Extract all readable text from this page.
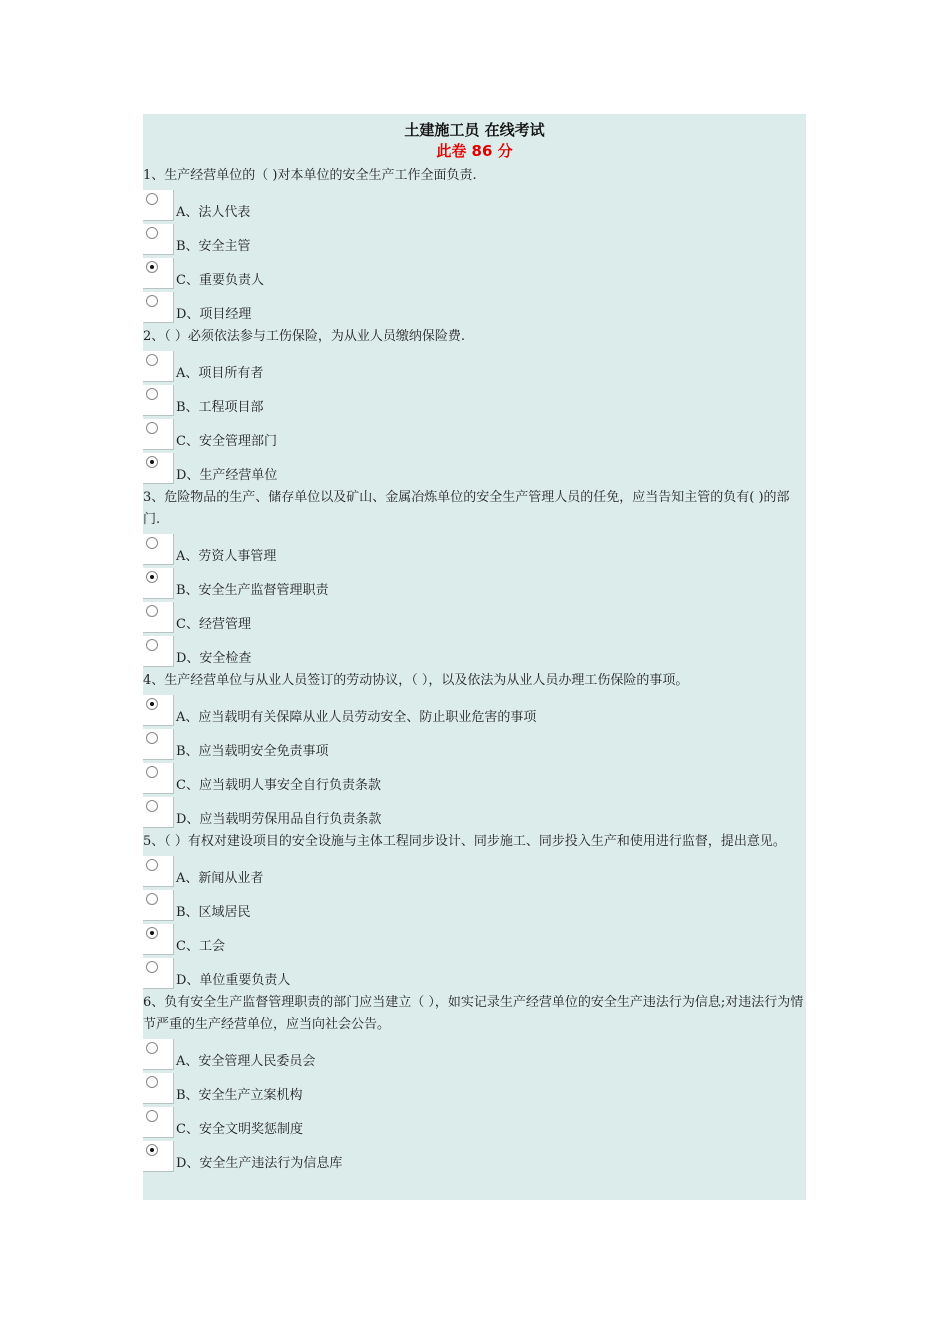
土建施工员 在线考试
此卷 86 分
1、生产经营单位的（ )对本单位的安全生产工作全面负责.
A、法人代表
B、安全主管
C、重要负责人
D、项目经理
2、（ ）必须依法参与工伤保险，为从业人员缴纳保险费.
A、项目所有者
B、工程项目部
C、安全管理部门
D、生产经营单位
3、危险物品的生产、储存单位以及矿山、金属冶炼单位的安全生产管理人员的任免，应当告知主管的负有( )的部门.
A、劳资人事管理
B、安全生产监督管理职责
C、经营管理
D、安全检查
4、生产经营单位与从业人员签订的劳动协议，（ ），以及依法为从业人员办理工伤保险的事项。
A、应当载明有关保障从业人员劳动安全、防止职业危害的事项
B、应当载明安全免责事项
C、应当载明人事安全自行负责条款
D、应当载明劳保用品自行负责条款
5、（ ）有权对建设项目的安全设施与主体工程同步设计、同步施工、同步投入生产和使用进行监督，提出意见。
A、新闻从业者
B、区域居民
C、工会
D、单位重要负责人
6、负有安全生产监督管理职责的部门应当建立（ ），如实记录生产经营单位的安全生产违法行为信息;对违法行为情节严重的生产经营单位，应当向社会公告。
A、安全管理人民委员会
B、安全生产立案机构
C、安全文明奖惩制度
D、安全生产违法行为信息库
